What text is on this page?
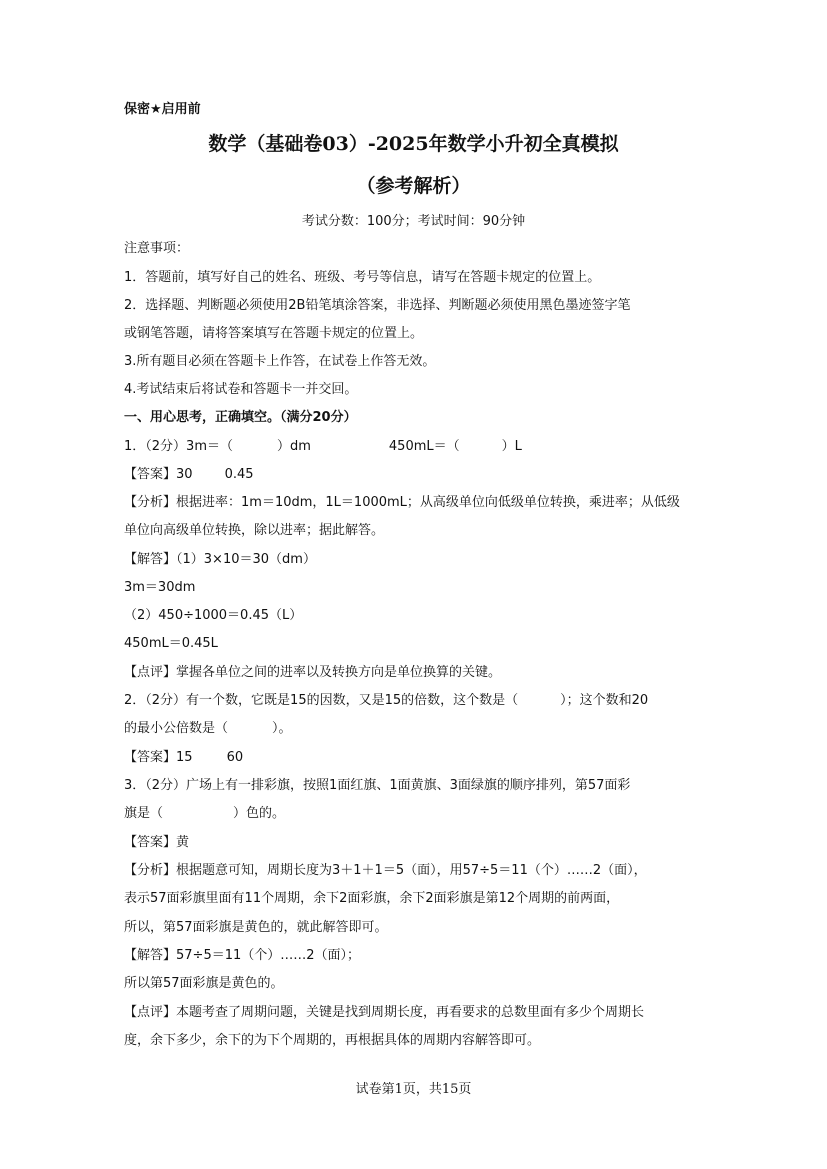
保密★启用前
数学（基础卷03）-2025年数学小升初全真模拟
（参考解析）
考试分数：100分；考试时间：90分钟
注意事项：
1．答题前，填写好自己的姓名、班级、考号等信息，请写在答题卡规定的位置上。
2．选择题、判断题必须使用2B铅笔填涂答案，非选择、判断题必须使用黑色墨迹签字笔
或钢笔答题，请将答案填写在答题卡规定的位置上。
3.所有题目必须在答题卡上作答，在试卷上作答无效。
4.考试结束后将试卷和答题卡一并交回。
一、用心思考，正确填空。（满分20分）
1．（2分）3m＝（	）dm	450mL＝（	）L
【答案】30 0.45
【分析】根据进率：1m＝10dm，1L＝1000mL；从高级单位向低级单位转换，乘进率；从低级
单位向高级单位转换，除以进率；据此解答。
【解答】（1）3×10＝30（dm）
3m＝30dm
（2）450÷1000＝0.45（L）
450mL＝0.45L
【点评】掌握各单位之间的进率以及转换方向是单位换算的关键。
2．（2分）有一个数，它既是15的因数，又是15的倍数，这个数是（	）；这个数和20
的最小公倍数是（	）。
【答案】15	60
3．（2分）广场上有一排彩旗，按照1面红旗、1面黄旗、3面绿旗的顺序排列，第57面彩
旗是（	）色的。
【答案】黄
【分析】根据题意可知，周期长度为3＋1＋1＝5（面），用57÷5＝11（个）……2（面），
表示57面彩旗里面有11个周期，余下2面彩旗，余下2面彩旗是第12个周期的前两面，
所以，第57面彩旗是黄色的，就此解答即可。
【解答】57÷5＝11（个）……2（面）；
所以第57面彩旗是黄色的。
【点评】本题考查了周期问题，关键是找到周期长度，再看要求的总数里面有多少个周期长
度，余下多少，余下的为下个周期的，再根据具体的周期内容解答即可。
试卷第1页，共15页
